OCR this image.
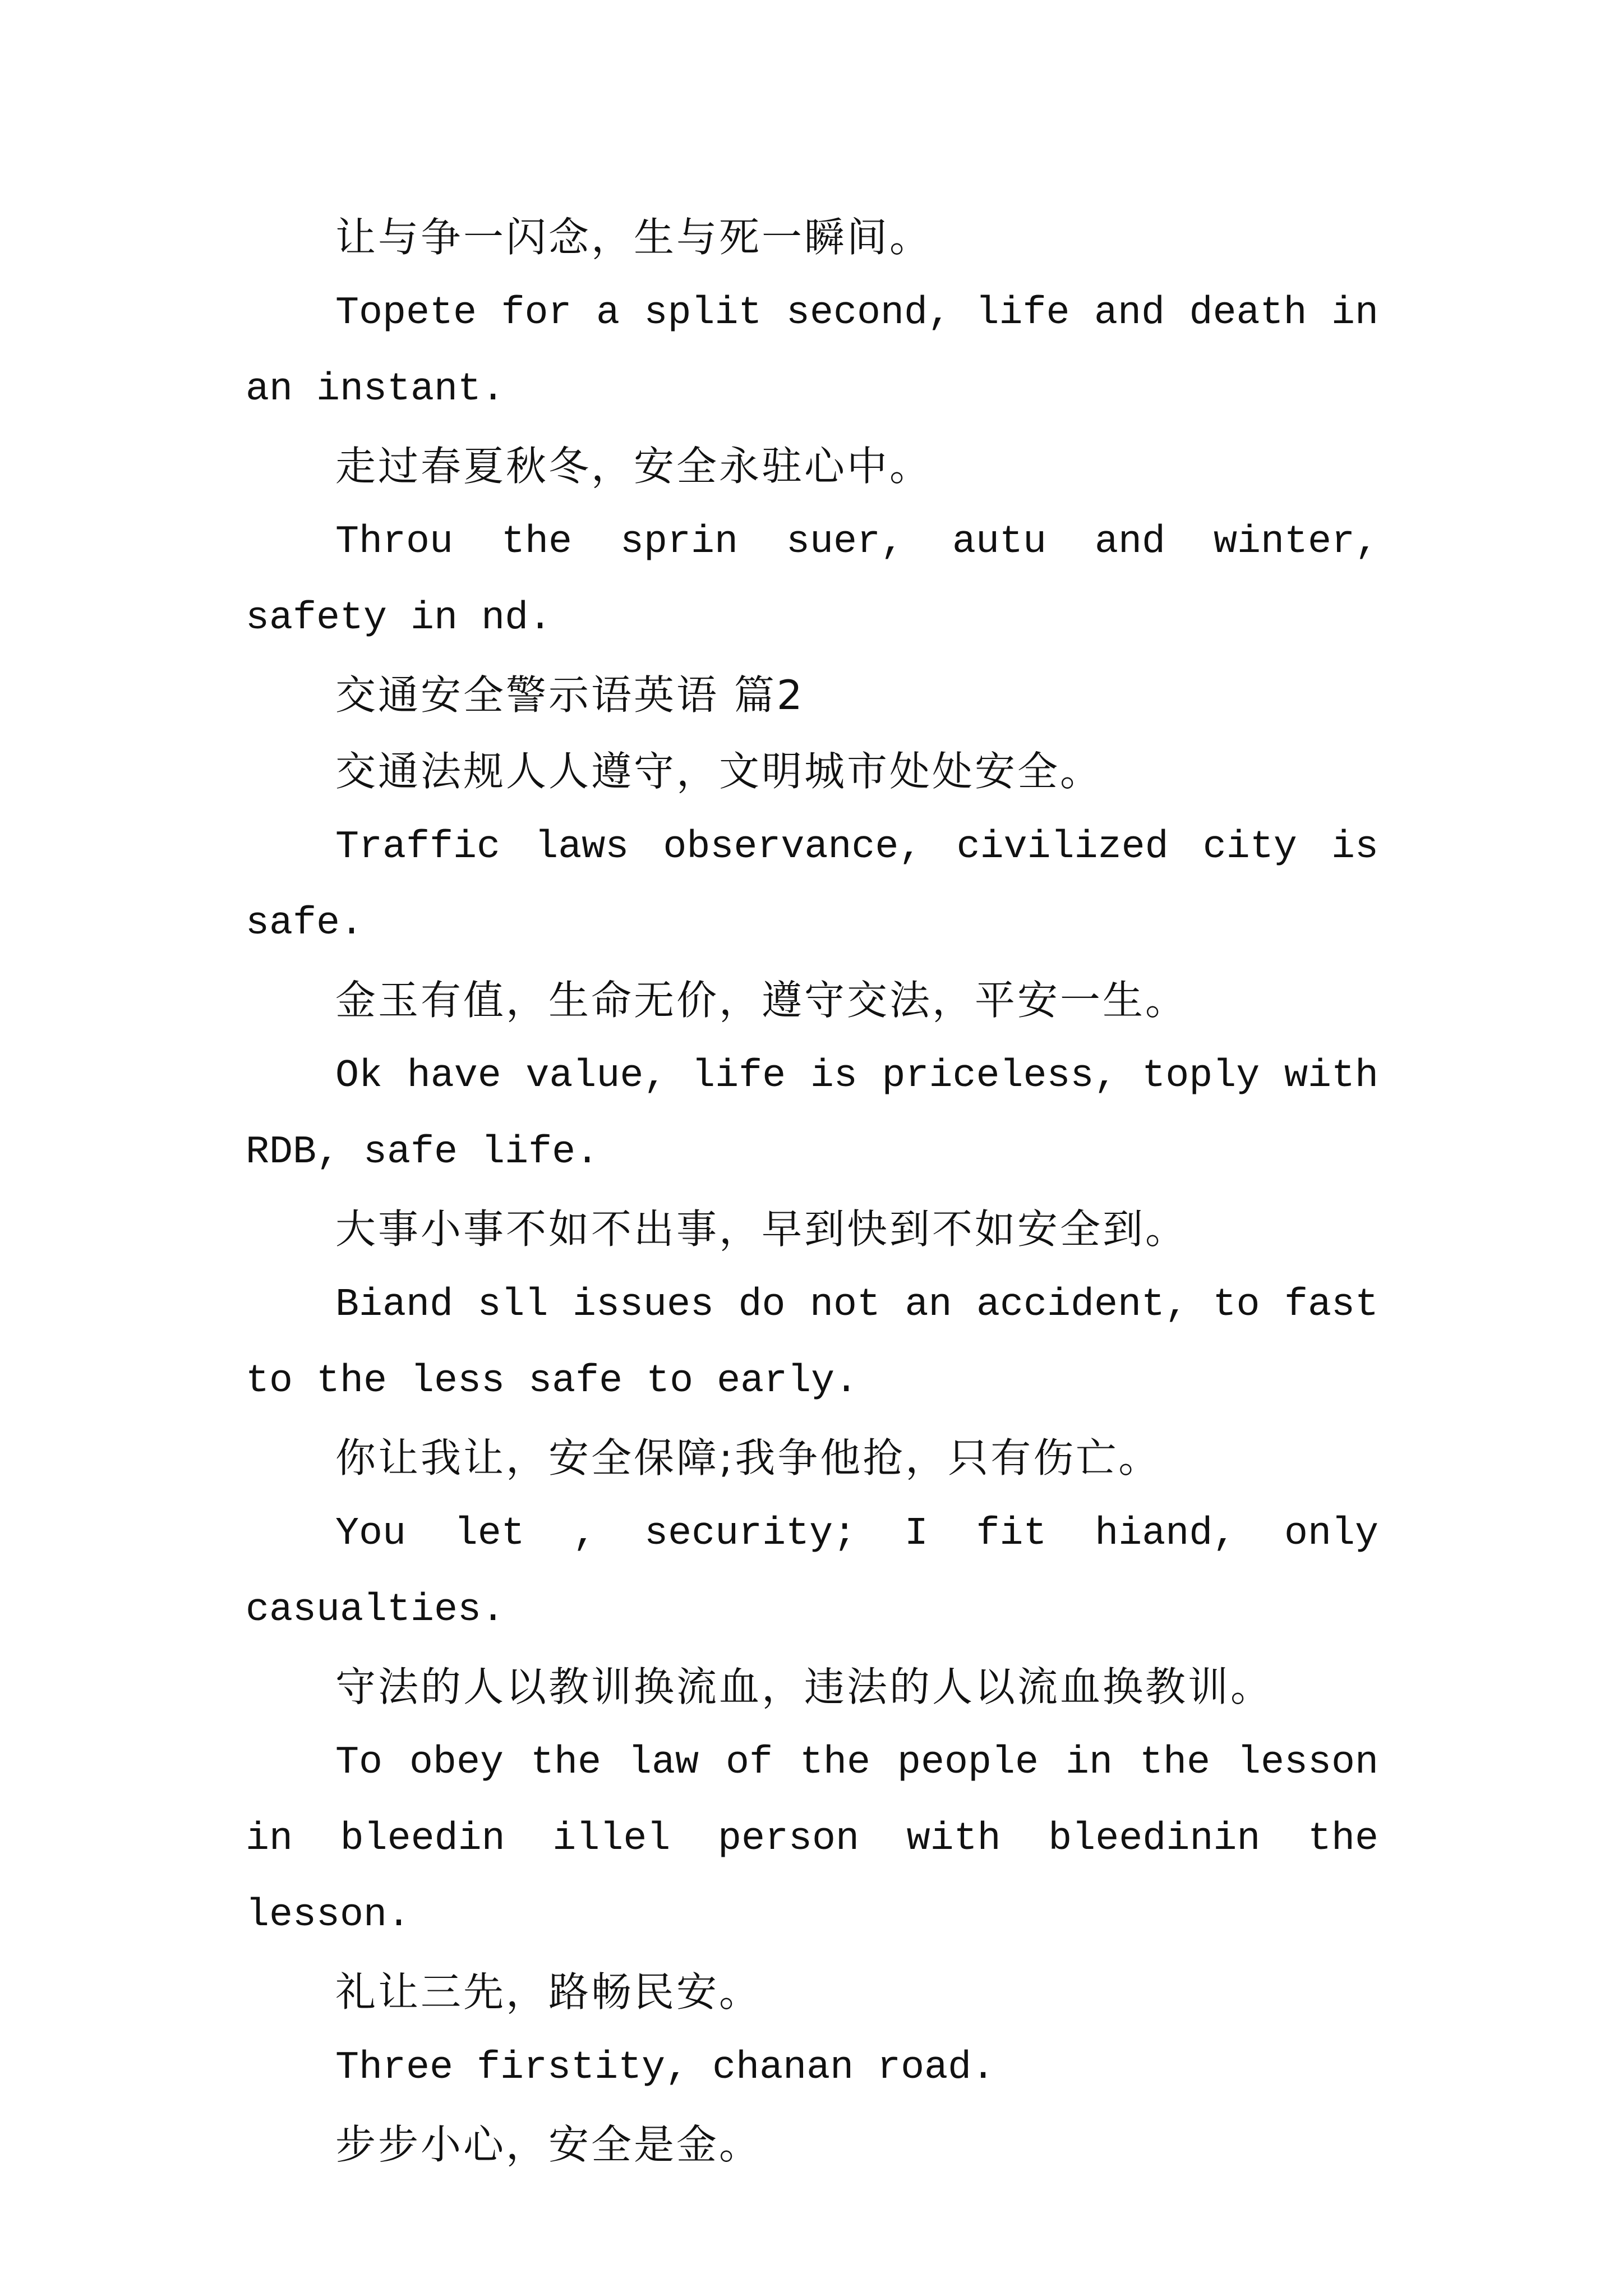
让与争一闪念，生与死一瞬间。

Topete for a split second, life and death in an instant.

走过春夏秋冬，安全永驻心中。

Throu the sprin suer, autu and winter, safety in nd.

交通安全警示语英语 篇2

交通法规人人遵守，文明城市处处安全。

Traffic laws observance, civilized city is safe.

金玉有值，生命无价，遵守交法，平安一生。

Ok have value, life is priceless, toply with RDB, safe life.

大事小事不如不出事，早到快到不如安全到。

Biand sll issues do not an accident, to fast to the less safe to early.

你让我让，安全保障;我争他抢，只有伤亡。

You let , security; I fit hiand, only casualties.

守法的人以教训换流血，违法的人以流血换教训。

To obey the law of the people in the lesson in bleedin illel person with bleedinin the lesson.

礼让三先，路畅民安。

Three firstity, chanan road.

步步小心，安全是金。
